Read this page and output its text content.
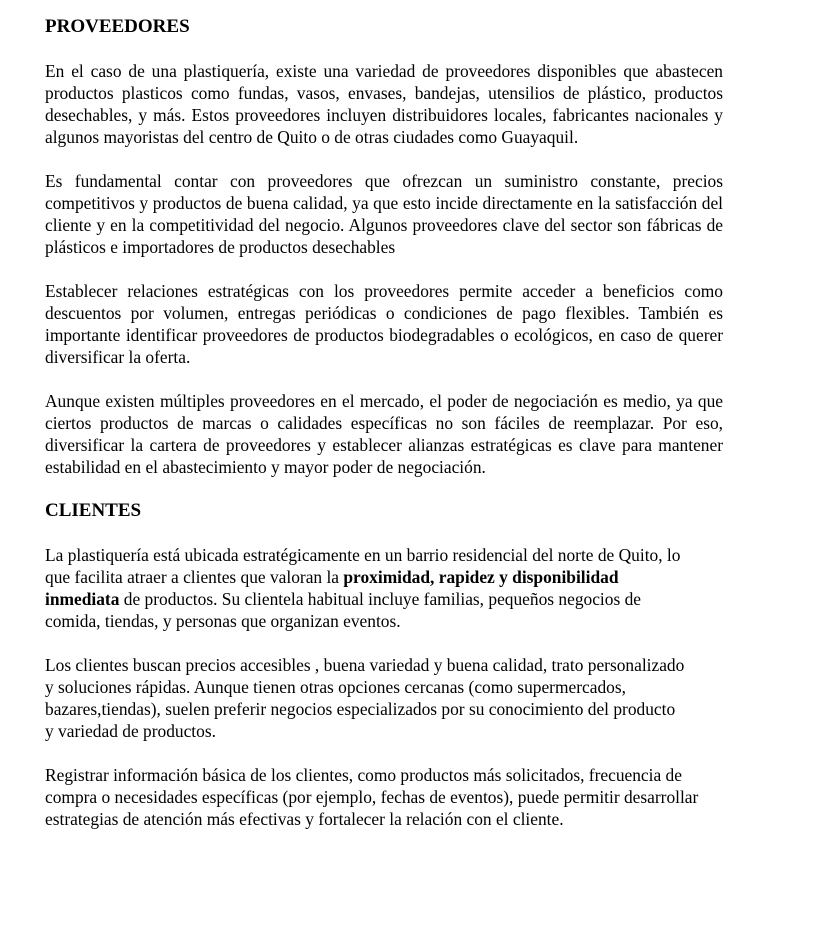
PROVEEDORES

En el caso de una plastiquería, existe una variedad de proveedores disponibles que abastecen productos plasticos como fundas, vasos, envases, bandejas, utensilios de plástico, productos desechables, y más. Estos proveedores incluyen distribuidores locales, fabricantes nacionales y algunos mayoristas del centro de Quito o de otras ciudades como Guayaquil.

Es fundamental contar con proveedores que ofrezcan un suministro constante, precios competitivos y productos de buena calidad, ya que esto incide directamente en la satisfacción del cliente y en la competitividad del negocio. Algunos proveedores clave del sector son fábricas de plásticos e importadores de productos desechables

Establecer relaciones estratégicas con los proveedores permite acceder a beneficios como descuentos por volumen, entregas periódicas o condiciones de pago flexibles. También es importante identificar proveedores de productos biodegradables o ecológicos, en caso de querer diversificar la oferta.

Aunque existen múltiples proveedores en el mercado, el poder de negociación es medio, ya que ciertos productos de marcas o calidades específicas no son fáciles de reemplazar. Por eso, diversificar la cartera de proveedores y establecer alianzas estratégicas es clave para mantener estabilidad en el abastecimiento y mayor poder de negociación.

CLIENTES

La plastiquería está ubicada estratégicamente en un barrio residencial del norte de Quito, lo que facilita atraer a clientes que valoran la proximidad, rapidez y disponibilidad inmediata de productos. Su clientela habitual incluye familias, pequeños negocios de comida, tiendas, y personas que organizan eventos.

Los clientes buscan precios accesibles , buena variedad y buena calidad, trato personalizado y soluciones rápidas. Aunque tienen otras opciones cercanas (como supermercados, bazares,tiendas), suelen preferir negocios especializados por su conocimiento del producto y variedad de productos.

Registrar información básica de los clientes, como productos más solicitados, frecuencia de compra o necesidades específicas (por ejemplo, fechas de eventos), puede permitir desarrollar estrategias de atención más efectivas y fortalecer la relación con el cliente.
